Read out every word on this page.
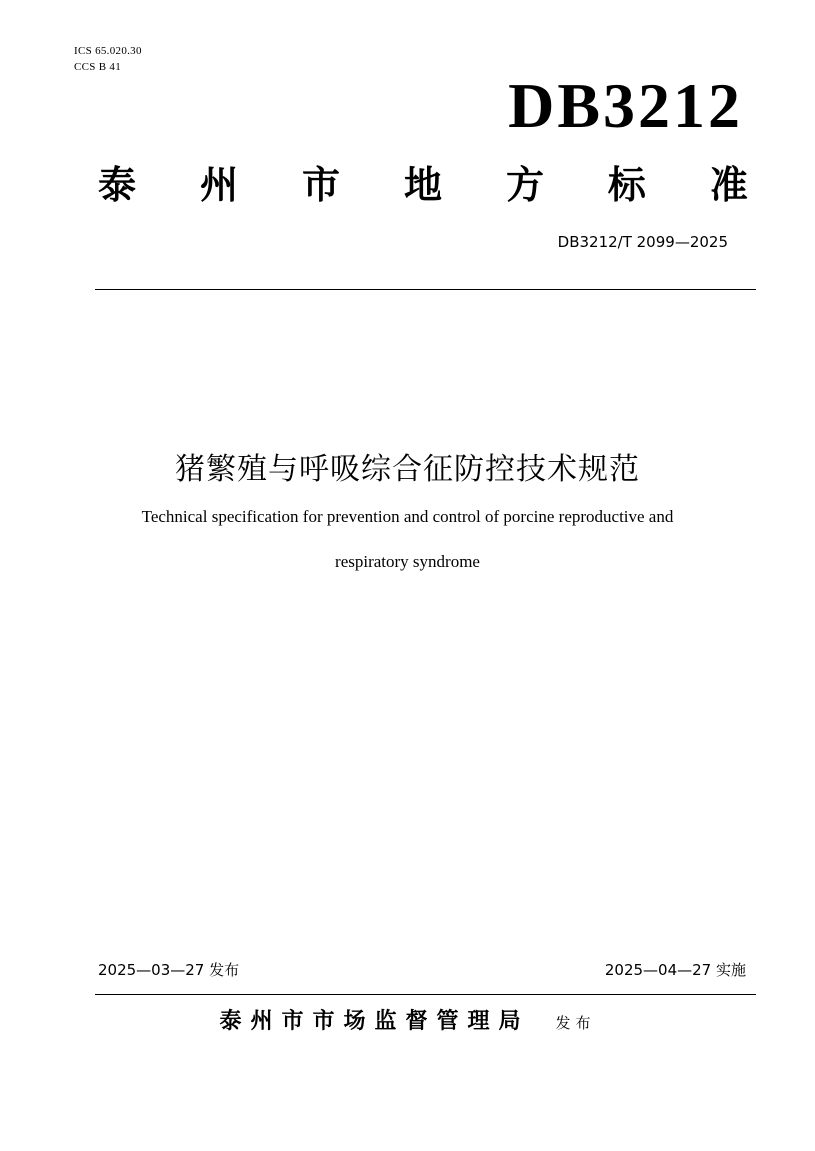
ICS 65.020.30
CCS B 41
DB3212
泰 州 市 地 方 标 准
DB3212/T 2099—2025
猪繁殖与呼吸综合征防控技术规范
Technical specification for prevention and control of porcine reproductive and
respiratory syndrome
2025—03—27 发布	2025—04—27 实施
泰州市市场监督管理局 发布
